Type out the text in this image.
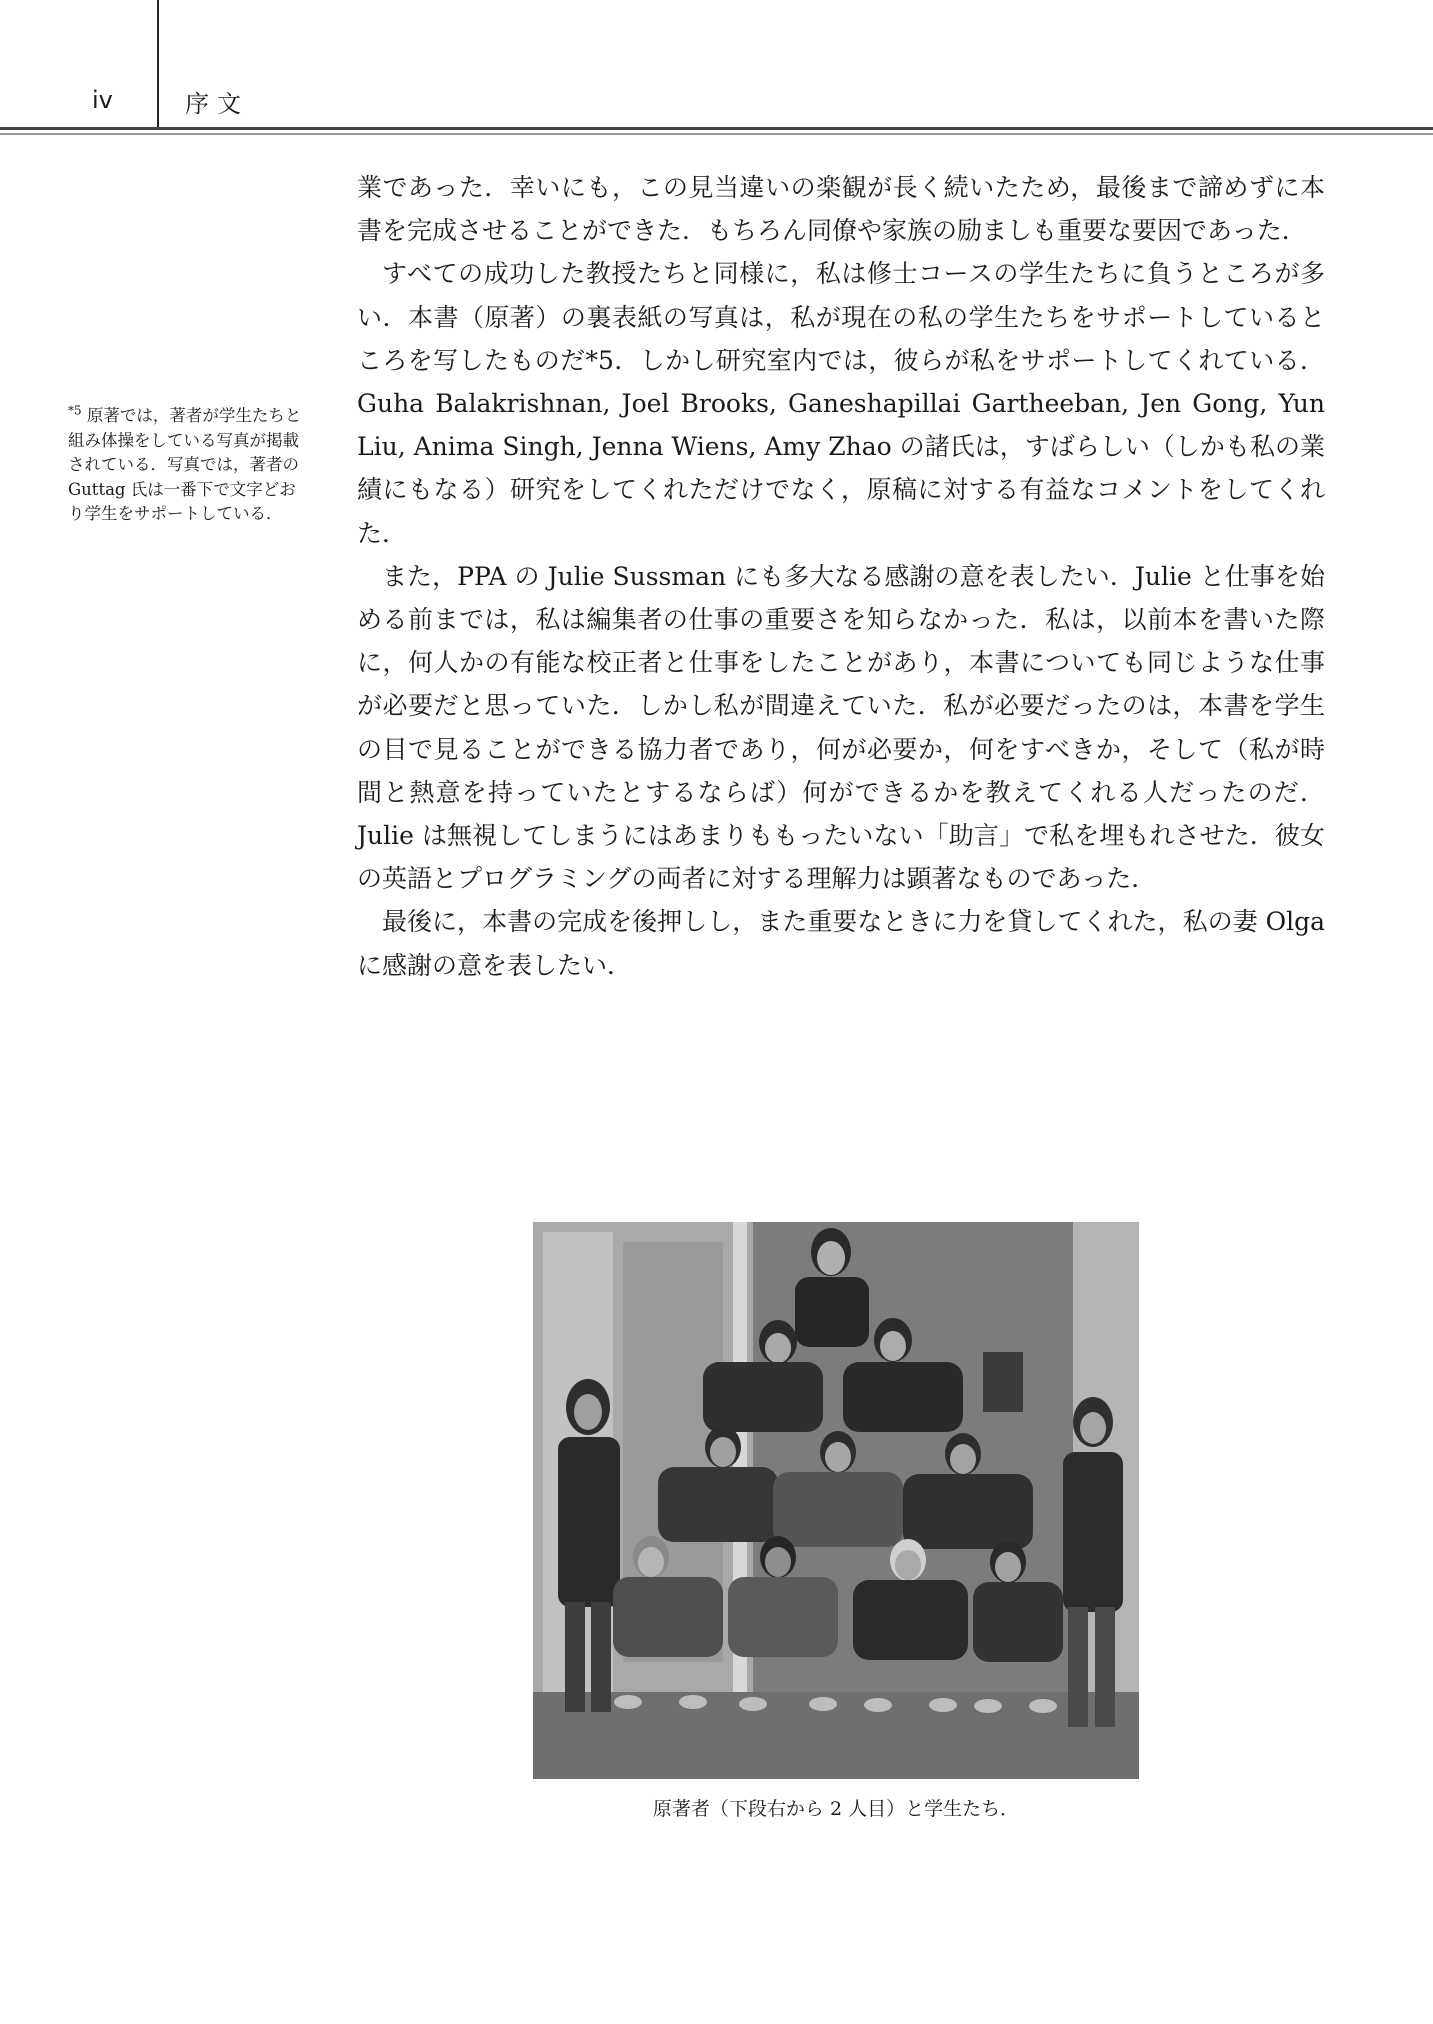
iv	序文
$^{*5}$ 原著では，著者が学生たちと組み体操をしている写真が掲載されている．写真では，著者の Guttag 氏は一番下で文字どおり学生をサポートしている．

業であった．幸いにも，この見当違いの楽観が長く続いたため，最後まで諦めずに本書を完成させることができた．もちろん同僚や家族の励ましも重要な要因であった．

すべての成功した教授たちと同様に，私は修士コースの学生たちに負うところが多い．本書（原著）の裏表紙の写真は，私が現在の私の学生たちをサポートしているところを写したものだ*5．しかし研究室内では，彼らが私をサポートしてくれている．Guha Balakrishnan, Joel Brooks, Ganeshapillai Gartheeban, Jen Gong, Yun Liu, Anima Singh, Jenna Wiens, Amy Zhao の諸氏は，すばらしい（しかも私の業績にもなる）研究をしてくれただけでなく，原稿に対する有益なコメントをしてくれた．

また，PPA の Julie Sussman にも多大なる感謝の意を表したい．Julie と仕事を始める前までは，私は編集者の仕事の重要さを知らなかった．私は，以前本を書いた際に，何人かの有能な校正者と仕事をしたことがあり，本書についても同じような仕事が必要だと思っていた．しかし私が間違えていた．私が必要だったのは，本書を学生の目で見ることができる協力者であり，何が必要か，何をすべきか，そして（私が時間と熱意を持っていたとするならば）何ができるかを教えてくれる人だったのだ．Julie は無視してしまうにはあまりももったいない「助言」で私を埋もれさせた．彼女の英語とプログラミングの両者に対する理解力は顕著なものであった．

最後に，本書の完成を後押しし，また重要なときに力を貸してくれた，私の妻 Olga に感謝の意を表したい．

原著者（下段右から 2 人目）と学生たち．
